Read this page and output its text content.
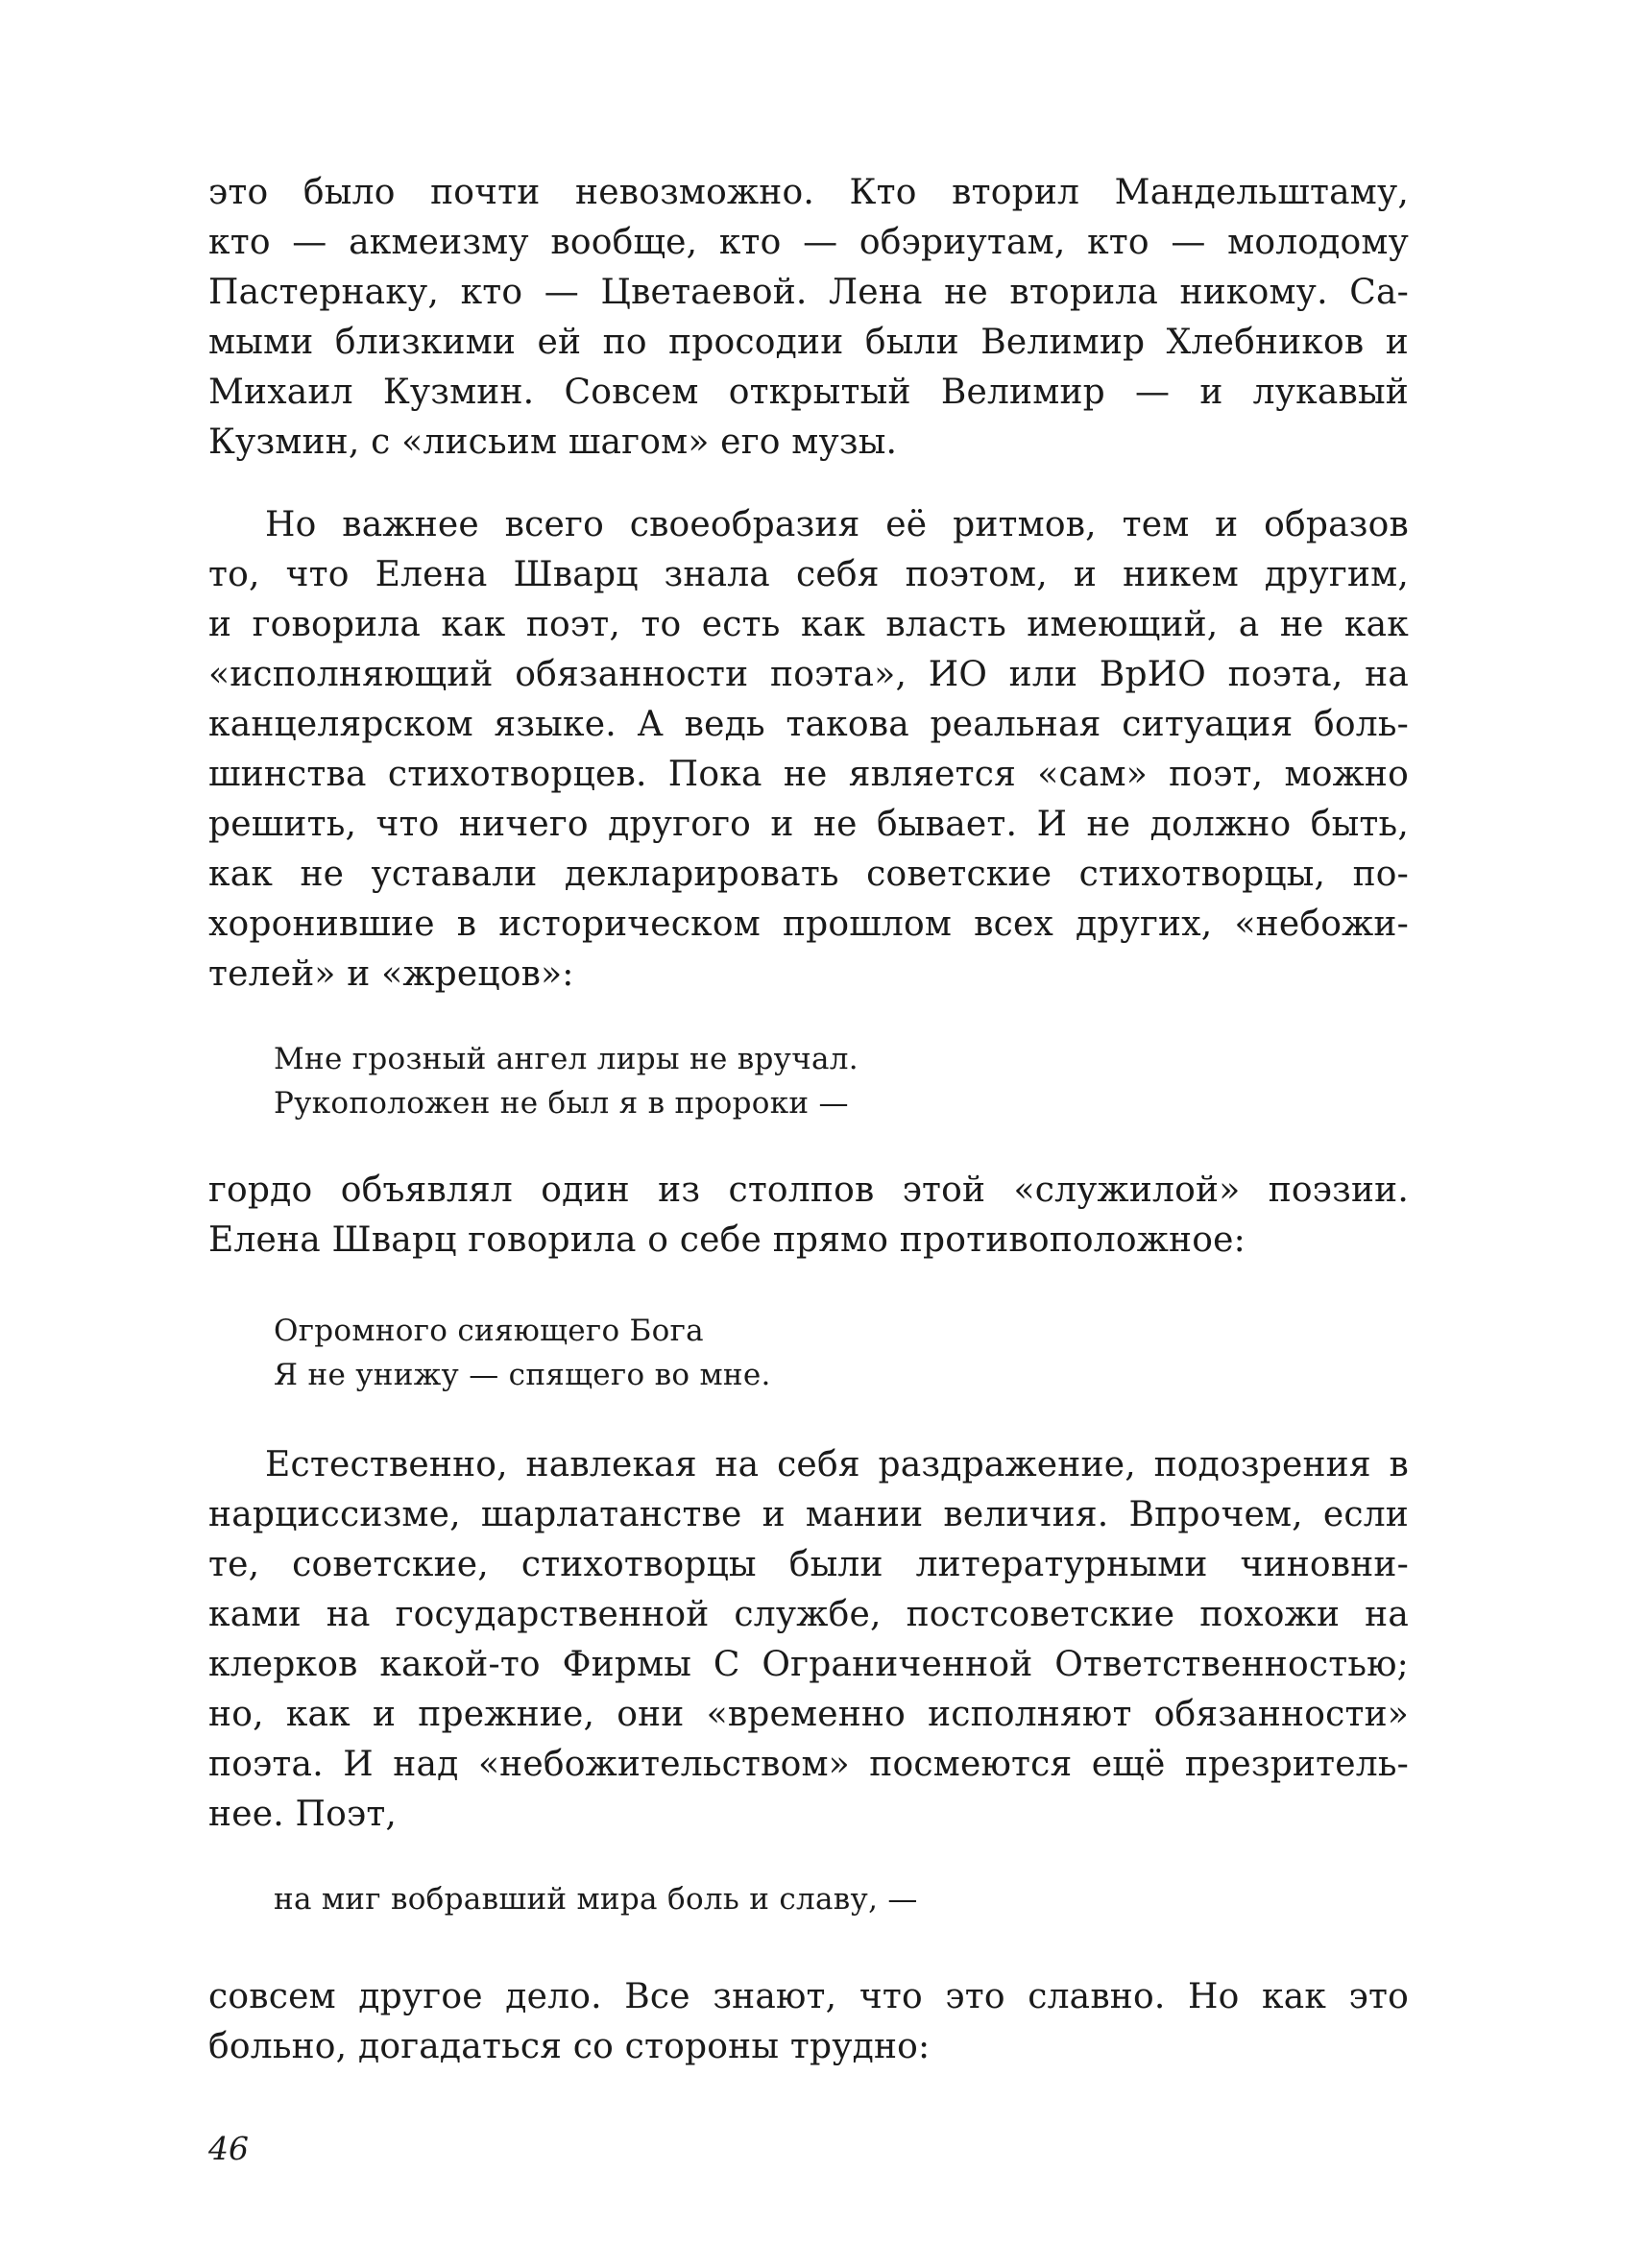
это было почти невозможно. Кто вторил Мандельштаму,
кто — акмеизму вообще, кто — обэриутам, кто — молодому
Пастернаку, кто — Цветаевой. Лена не вторила никому. Са-
мыми близкими ей по просодии были Велимир Хлебников и
Михаил Кузмин. Совсем открытый Велимир — и лукавый
Кузмин, с «лисьим шагом» его музы.
Но важнее всего своеобразия её ритмов, тем и образов
то, что Елена Шварц знала себя поэтом, и никем другим,
и говорила как поэт, то есть как власть имеющий, а не как
«исполняющий обязанности поэта», ИО или ВрИО поэта, на
канцелярском языке. А ведь такова реальная ситуация боль-
шинства стихотворцев. Пока не является «сам» поэт, можно
решить, что ничего другого и не бывает. И не должно быть,
как не уставали декларировать советские стихотворцы, по-
хоронившие в историческом прошлом всех других, «небожи-
телей» и «жрецов»:
Мне грозный ангел лиры не вручал.
Рукоположен не был я в пророки —
гордо объявлял один из столпов этой «служилой» поэзии.
Елена Шварц говорила о себе прямо противоположное:
Огромного сияющего Бога
Я не унижу — спящего во мне.
Естественно, навлекая на себя раздражение, подозрения в
нарциссизме, шарлатанстве и мании величия. Впрочем, если
те, советские, стихотворцы были литературными чиновни-
ками на государственной службе, постсоветские похожи на
клерков какой-то Фирмы С Ограниченной Ответственностью;
но, как и прежние, они «временно исполняют обязанности»
поэта. И над «небожительством» посмеются ещё презритель-
нее. Поэт,
на миг вобравший мира боль и славу, —
совсем другое дело. Все знают, что это славно. Но как это
больно, догадаться со стороны трудно:
46
